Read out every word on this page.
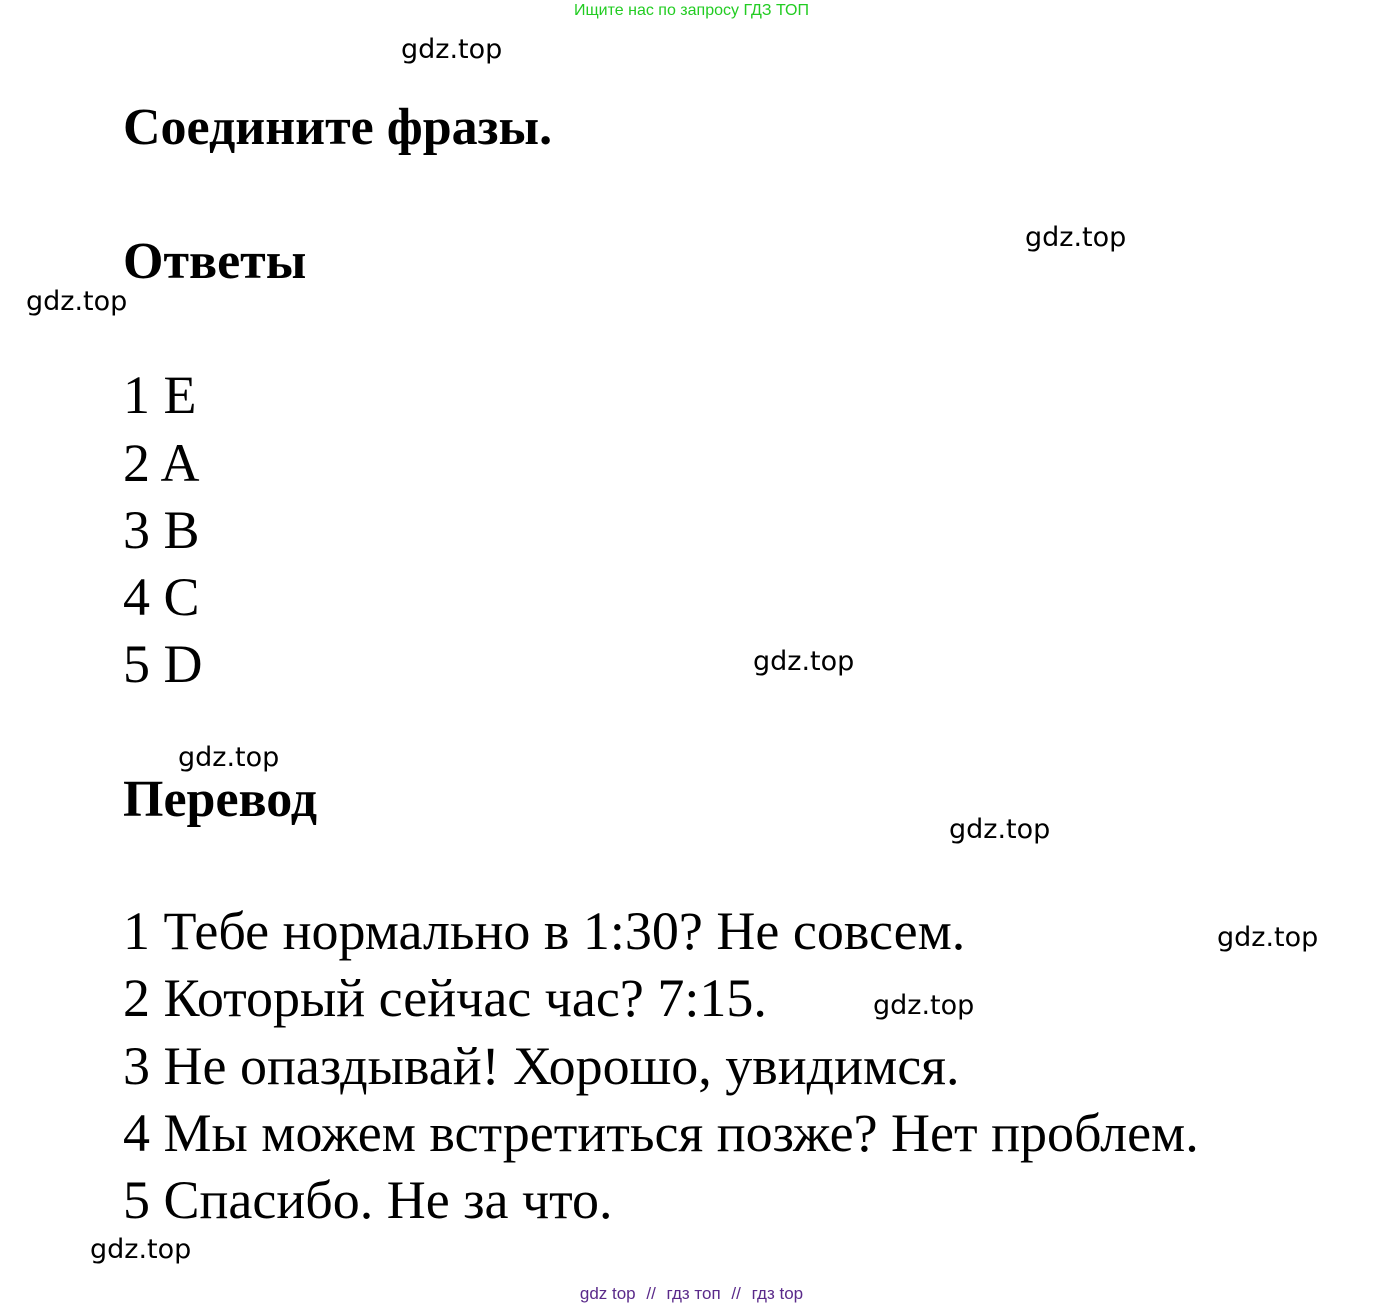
Ищите нас по запросу ГДЗ ТОП
gdz.top
Соедините фразы.
gdz.top
Ответы
gdz.top
1 E
2 A
3 B
4 C
5 D	gdz.top
gdz.top
Перевод
gdz.top
1 Тебе нормально в 1:30? Не совсем.	gdz.top
2 Который сейчас час? 7:15.	gdz.top
3 Не опаздывай! Хорошо, увидимся.
4 Мы можем встретиться позже? Нет проблем.
5 Спасибо. Не за что.
gdz.top
gdz top // гдз топ // гдз top
